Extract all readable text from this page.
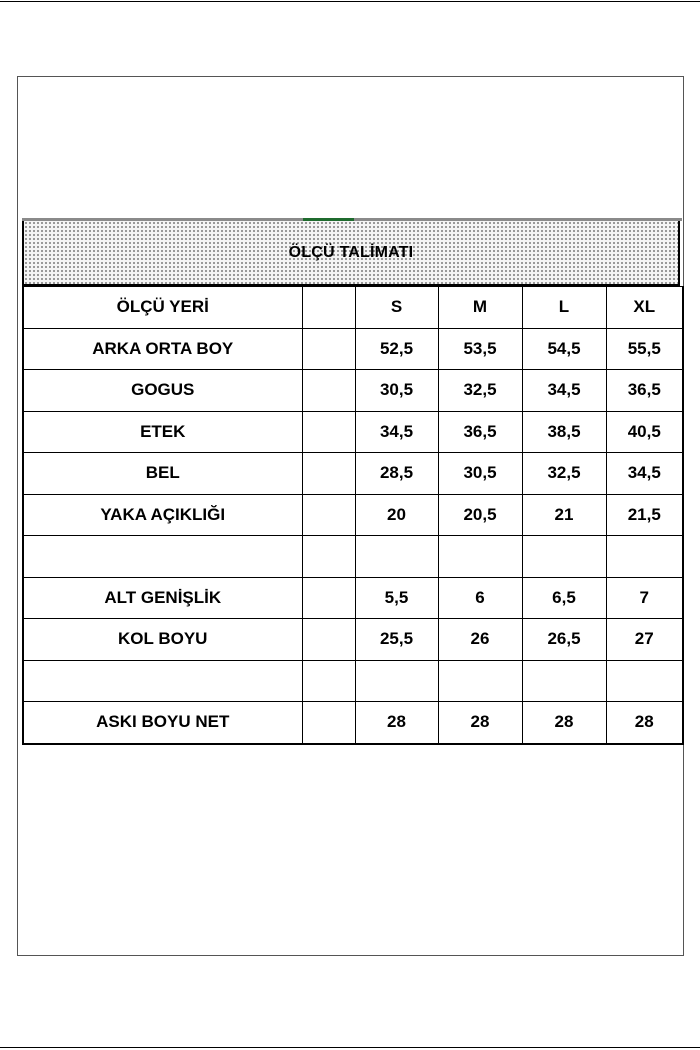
ÖLÇÜ TALİMATI
ÖLÇÜ YERİ		S	M	L	XL
ARKA ORTA BOY		52,5	53,5	54,5	55,5
GOGUS		30,5	32,5	34,5	36,5
ETEK		34,5	36,5	38,5	40,5
BEL		28,5	30,5	32,5	34,5
YAKA AÇIKLIĞI		20	20,5	21	21,5

ALT GENİŞLİK		5,5	6	6,5	7
KOL BOYU		25,5	26	26,5	27

ASKI BOYU NET		28	28	28	28
